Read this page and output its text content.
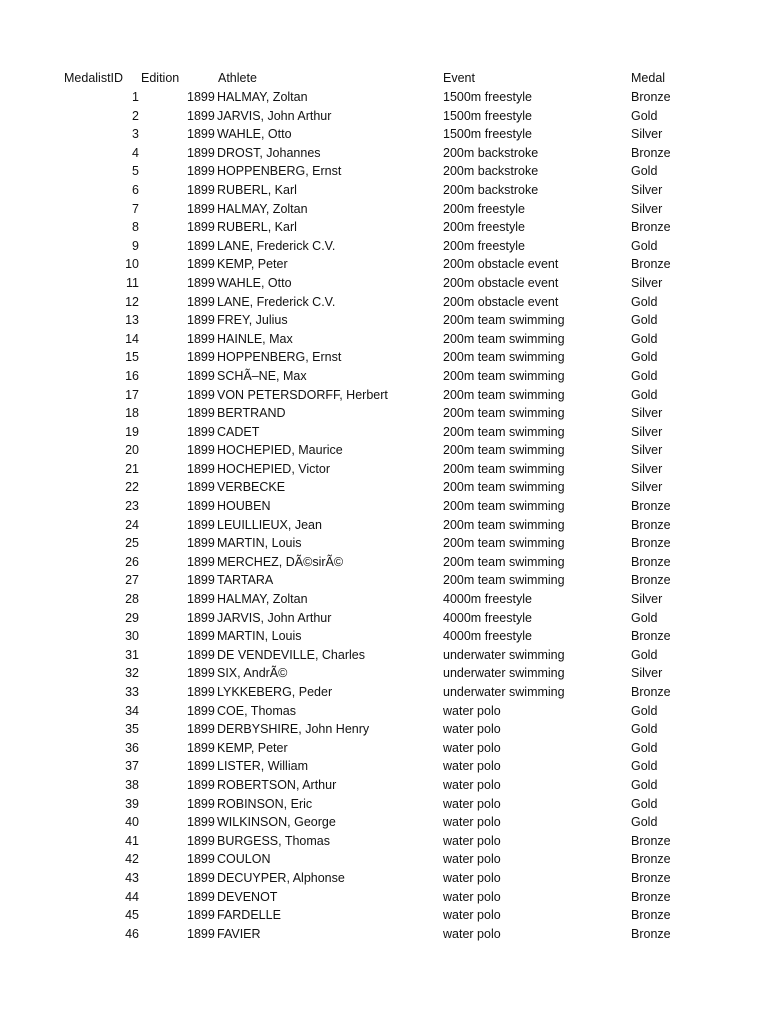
MedalistID	Edition	Athlete	Event	Medal
1	1899 HALMAY, Zoltan	1500m freestyle	Bronze
2	1899 JARVIS, John Arthur	1500m freestyle	Gold
3	1899 WAHLE, Otto	1500m freestyle	Silver
4	1899 DROST, Johannes	200m backstroke	Bronze
5	1899 HOPPENBERG, Ernst	200m backstroke	Gold
6	1899 RUBERL, Karl	200m backstroke	Silver
7	1899 HALMAY, Zoltan	200m freestyle	Silver
8	1899 RUBERL, Karl	200m freestyle	Bronze
9	1899 LANE, Frederick C.V.	200m freestyle	Gold
10	1899 KEMP, Peter	200m obstacle event	Bronze
11	1899 WAHLE, Otto	200m obstacle event	Silver
12	1899 LANE, Frederick C.V.	200m obstacle event	Gold
13	1899 FREY, Julius	200m team swimming	Gold
14	1899 HAINLE, Max	200m team swimming	Gold
15	1899 HOPPENBERG, Ernst	200m team swimming	Gold
16	1899 SCHÃ–NE, Max	200m team swimming	Gold
17	1899 VON PETERSDORFF, Herbert	200m team swimming	Gold
18	1899 BERTRAND	200m team swimming	Silver
19	1899 CADET	200m team swimming	Silver
20	1899 HOCHEPIED, Maurice	200m team swimming	Silver
21	1899 HOCHEPIED, Victor	200m team swimming	Silver
22	1899 VERBECKE	200m team swimming	Silver
23	1899 HOUBEN	200m team swimming	Bronze
24	1899 LEUILLIEUX, Jean	200m team swimming	Bronze
25	1899 MARTIN, Louis	200m team swimming	Bronze
26	1899 MERCHEZ, DÃ©sirÃ©	200m team swimming	Bronze
27	1899 TARTARA	200m team swimming	Bronze
28	1899 HALMAY, Zoltan	4000m freestyle	Silver
29	1899 JARVIS, John Arthur	4000m freestyle	Gold
30	1899 MARTIN, Louis	4000m freestyle	Bronze
31	1899 DE VENDEVILLE, Charles	underwater swimming	Gold
32	1899 SIX, AndrÃ©	underwater swimming	Silver
33	1899 LYKKEBERG, Peder	underwater swimming	Bronze
34	1899 COE, Thomas	water polo	Gold
35	1899 DERBYSHIRE, John Henry	water polo	Gold
36	1899 KEMP, Peter	water polo	Gold
37	1899 LISTER, William	water polo	Gold
38	1899 ROBERTSON, Arthur	water polo	Gold
39	1899 ROBINSON, Eric	water polo	Gold
40	1899 WILKINSON, George	water polo	Gold
41	1899 BURGESS, Thomas	water polo	Bronze
42	1899 COULON	water polo	Bronze
43	1899 DECUYPER, Alphonse	water polo	Bronze
44	1899 DEVENOT	water polo	Bronze
45	1899 FARDELLE	water polo	Bronze
46	1899 FAVIER	water polo	Bronze
